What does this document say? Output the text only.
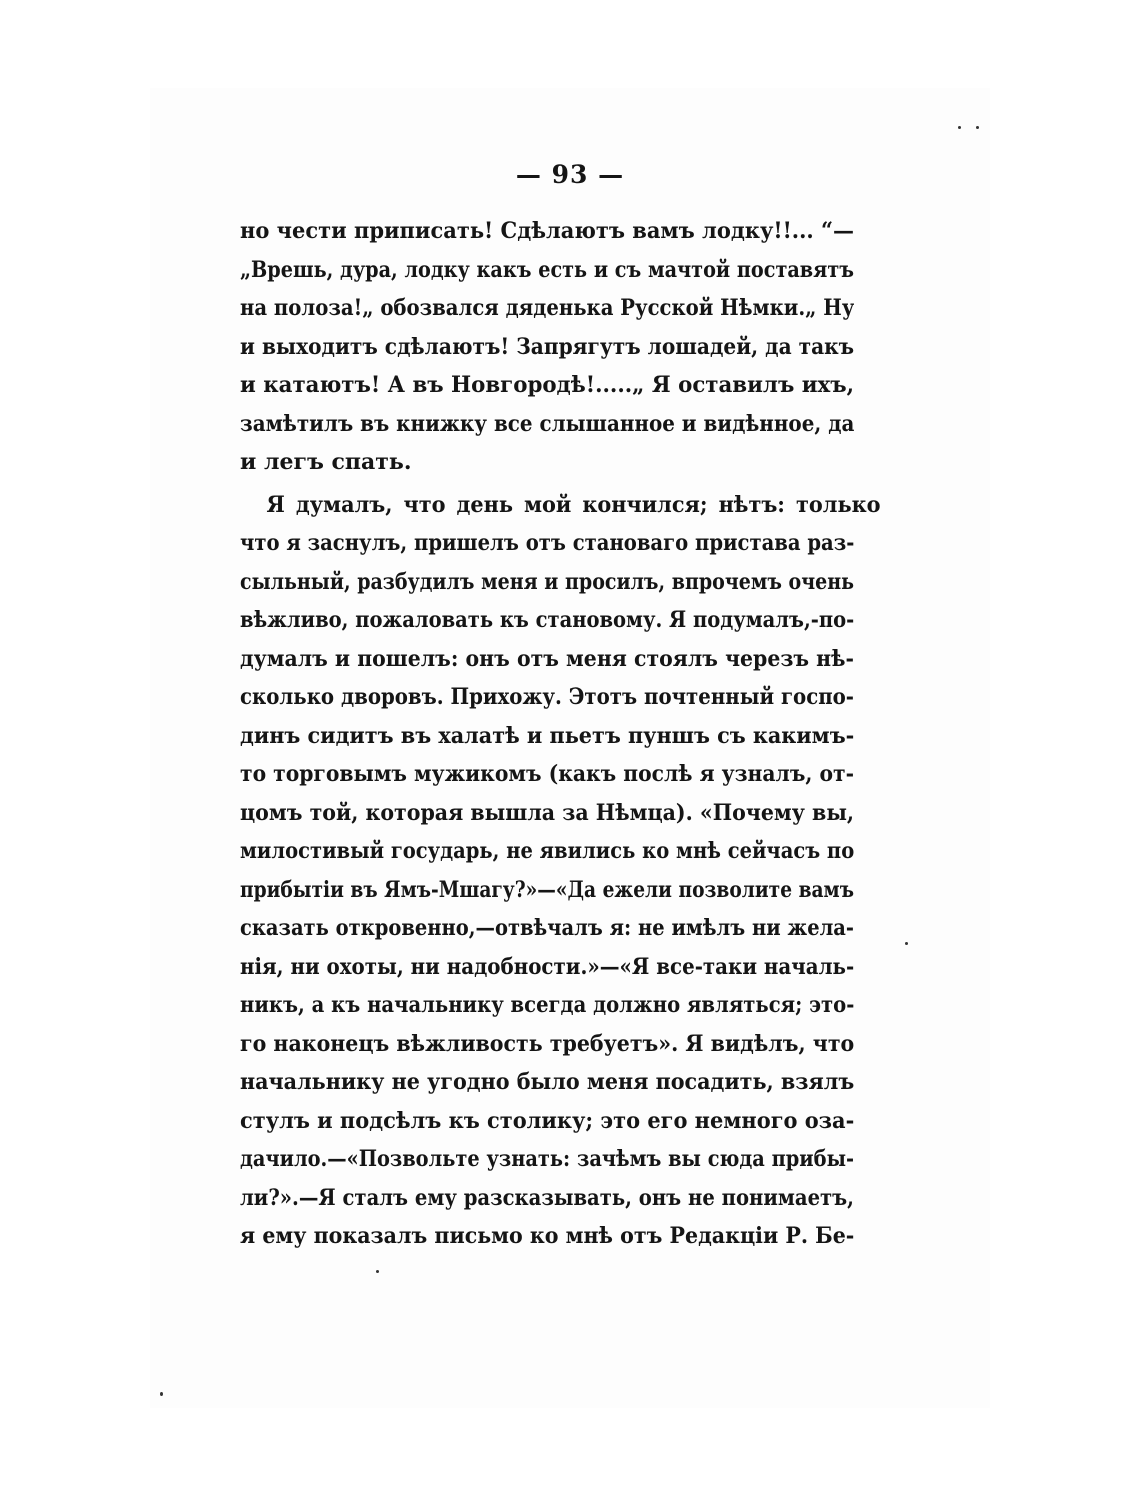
— 93 —
но чести приписать! Сдѣлаютъ вамъ лодку!!... “—
„Врешь, дура, лодку какъ есть и съ мачтой поставятъ
на полоза!„ обозвался дяденька Русской Нѣмки.„ Ну
и выходитъ сдѣлаютъ! Запрягутъ лошадей, да такъ
и катаютъ! А въ Новгородѣ!.....„ Я оставилъ ихъ,
замѣтилъ въ книжку все слышанное и видѣнное, да
и легъ спать.
Я думалъ, что день мой кончился; нѣтъ: только
что я заснулъ, пришелъ отъ становаго пристава раз-
сыльный, разбудилъ меня и просилъ, впрочемъ очень
вѣжливо, пожаловать къ становому. Я подумалъ,-по-
думалъ и пошелъ: онъ отъ меня стоялъ черезъ нѣ-
сколько дворовъ. Прихожу. Этотъ почтенный госпо-
динъ сидитъ въ халатѣ и пьетъ пуншъ съ какимъ-
то торговымъ мужикомъ (какъ послѣ я узналъ, от-
цомъ той, которая вышла за Нѣмца). «Почему вы,
милостивый государь, не явились ко мнѣ сейчасъ по
прибытіи въ Ямъ-Мшагу?»—«Да ежели позволите вамъ
сказать откровенно,—отвѣчалъ я: не имѣлъ ни жела-
нія, ни охоты, ни надобности.»—«Я все-таки началь-
никъ, а къ начальнику всегда должно являться; это-
го наконецъ вѣжливость требуетъ». Я видѣлъ, что
начальнику не угодно было меня посадить, взялъ
стулъ и подсѣлъ къ столику; это его немного оза-
дачило.—«Позвольте узнать: зачѣмъ вы сюда прибы-
ли?».—Я сталъ ему разсказывать, онъ не понимаетъ,
я ему показалъ письмо ко мнѣ отъ Редакціи Р. Бе-
